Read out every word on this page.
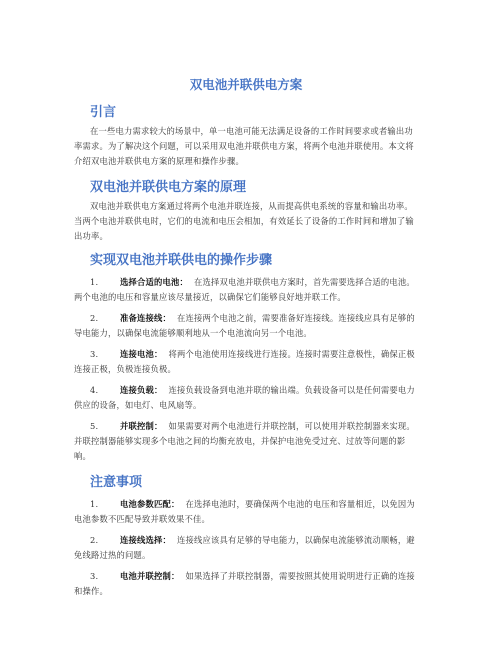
双电池并联供电方案
引言

在一些电力需求较大的场景中，单一电池可能无法满足设备的工作时间要求或者输出功率需求。为了解决这个问题，可以采用双电池并联供电方案，将两个电池并联使用。本文将介绍双电池并联供电方案的原理和操作步骤。

双电池并联供电方案的原理

双电池并联供电方案通过将两个电池并联连接，从而提高供电系统的容量和输出功率。当两个电池并联供电时，它们的电流和电压会相加，有效延长了设备的工作时间和增加了输出功率。

实现双电池并联供电的操作步骤

1.	选择合适的电池： 在选择双电池并联供电方案时，首先需要选择合适的电池。两个电池的电压和容量应该尽量接近，以确保它们能够良好地并联工作。

2.	准备连接线： 在连接两个电池之前，需要准备好连接线。连接线应具有足够的导电能力，以确保电流能够顺利地从一个电池流向另一个电池。

3.	连接电池： 将两个电池使用连接线进行连接。连接时需要注意极性，确保正极连接正极，负极连接负极。

4.	连接负载： 连接负载设备到电池并联的输出端。负载设备可以是任何需要电力供应的设备，如电灯、电风扇等。

5.	并联控制： 如果需要对两个电池进行并联控制，可以使用并联控制器来实现。并联控制器能够实现多个电池之间的均衡充放电，并保护电池免受过充、过放等问题的影响。

注意事项

1.	电池参数匹配： 在选择电池时，要确保两个电池的电压和容量相近，以免因为电池参数不匹配导致并联效果不佳。

2.	连接线选择： 连接线应该具有足够的导电能力，以确保电流能够流动顺畅，避免线路过热的问题。

3.	电池并联控制： 如果选择了并联控制器，需要按照其使用说明进行正确的连接和操作。
